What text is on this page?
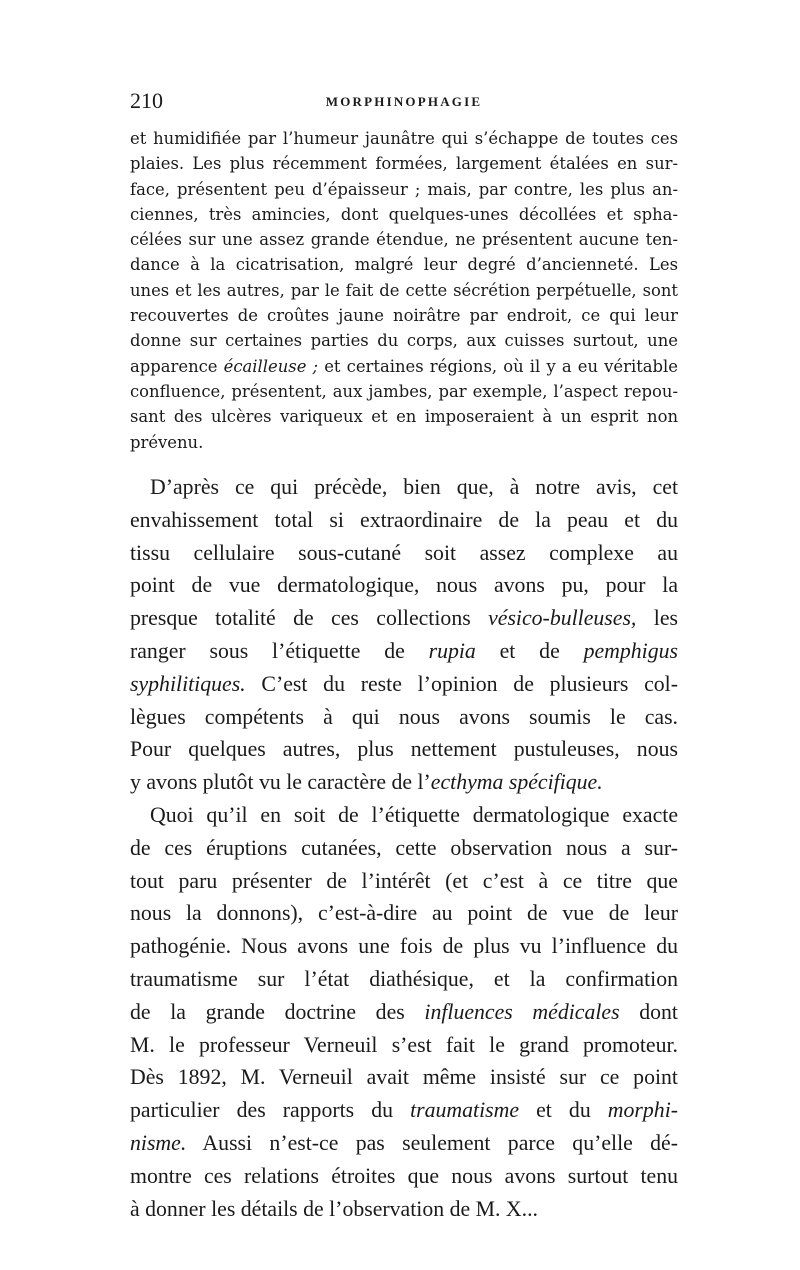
210	MORPHINOPHAGIE
et humidifiée par l’humeur jaunâtre qui s’échappe de toutes ces
plaies. Les plus récemment formées, largement étalées en sur-
face, présentent peu d’épaisseur ; mais, par contre, les plus an-
ciennes, très amincies, dont quelques-unes décollées et spha-
célées sur une assez grande étendue, ne présentent aucune ten-
dance à la cicatrisation, malgré leur degré d’ancienneté. Les
unes et les autres, par le fait de cette sécrétion perpétuelle, sont
recouvertes de croûtes jaune noirâtre par endroit, ce qui leur
donne sur certaines parties du corps, aux cuisses surtout, une
apparence écailleuse ; et certaines régions, où il y a eu véritable
confluence, présentent, aux jambes, par exemple, l’aspect repou-
sant des ulcères variqueux et en imposeraient à un esprit non
prévenu.
D’après ce qui précède, bien que, à notre avis, cet
envahissement total si extraordinaire de la peau et du
tissu cellulaire sous-cutané soit assez complexe au
point de vue dermatologique, nous avons pu, pour la
presque totalité de ces collections vésico-bulleuses, les
ranger sous l’étiquette de rupia et de pemphigus
syphilitiques. C’est du reste l’opinion de plusieurs col-
lègues compétents à qui nous avons soumis le cas.
Pour quelques autres, plus nettement pustuleuses, nous
y avons plutôt vu le caractère de l’ecthyma spécifique.
Quoi qu’il en soit de l’étiquette dermatologique exacte
de ces éruptions cutanées, cette observation nous a sur-
tout paru présenter de l’intérêt (et c’est à ce titre que
nous la donnons), c’est-à-dire au point de vue de leur
pathogénie. Nous avons une fois de plus vu l’influence du
traumatisme sur l’état diathésique, et la confirmation
de la grande doctrine des influences médicales dont
M. le professeur Verneuil s’est fait le grand promoteur.
Dès 1892, M. Verneuil avait même insisté sur ce point
particulier des rapports du traumatisme et du morphi-
nisme. Aussi n’est-ce pas seulement parce qu’elle dé-
montre ces relations étroites que nous avons surtout tenu
à donner les détails de l’observation de M. X...
